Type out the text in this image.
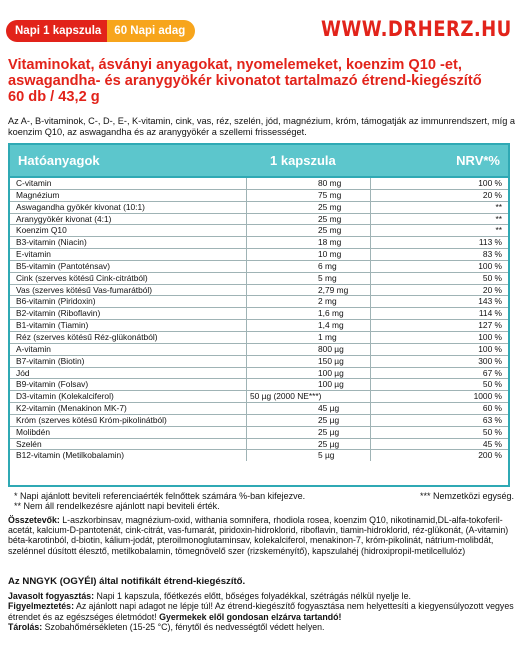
Napi 1 kapszula	60 Napi adag	WWW.DRHERZ.HU
Vitaminokat, ásványi anyagokat, nyomelemeket, koenzim Q10 -et, aswagandha- és aranygyökér kivonatot tartalmazó étrend-kiegészítő 60 db / 43,2 g
Az A-, B-vitaminok, C-, D-, E-, K-vitamin, cink, vas, réz, szelén, jód, magnézium, króm, támogatják az immunrendszert, míg a koenzim Q10, az aswagandha és az aranygyökér a szellemi frissességet.
Hatóanyagok	1 kapszula	NRV*%
C-vitamin	80 mg	100 %
Magnézium	75 mg	20 %
Aswagandha gyökér kivonat (10:1)	25 mg	**
Aranygyökér kivonat (4:1)	25 mg	**
Koenzim Q10	25 mg	**
B3-vitamin (Niacin)	18 mg	113 %
E-vitamin	10 mg	83 %
B5-vitamin (Pantoténsav)	6 mg	100 %
Cink (szerves kötésű Cink-citrátból)	5 mg	50 %
Vas (szerves kötésű Vas-fumarátból)	2,79 mg	20 %
B6-vitamin (Piridoxin)	2 mg	143 %
B2-vitamin (Riboflavin)	1,6 mg	114 %
B1-vitamin (Tiamin)	1,4 mg	127 %
Réz (szerves kötésű Réz-glükonátból)	1 mg	100 %
A-vitamin	800 µg	100 %
B7-vitamin (Biotin)	150 µg	300 %
Jód	100 µg	67 %
B9-vitamin (Folsav)	100 µg	50 %
D3-vitamin (Kolekalciferol)	50 µg (2000 NE***)	1000 %
K2-vitamin (Menakinon MK-7)	45 µg	60 %
Króm (szerves kötésű Króm-pikolinátból)	25 µg	63 %
Molibdén	25 µg	50 %
Szelén	25 µg	45 %
B12-vitamin (Metilkobalamin)	5 µg	200 %
* Napi ajánlott beviteli referenciaérték felnőttek számára %-ban kifejezve.	*** Nemzetközi egység.
** Nem áll rendelkezésre ajánlott napi beviteli érték.
Összetevők: L-aszkorbinsav, magnézium-oxid, withania somnifera, rhodiola rosea, koenzim Q10, nikotinamid,DL-alfa-tokoferil-acetát, kalcium-D-pantotenát, cink-citrát, vas-fumarát, piridoxin-hidroklorid, riboflavin, tiamin-hidroklorid, réz-glükonát, (A-vitamin) béta-karotinból, d-biotin, kálium-jodát, pteroilmonoglutaminsav, kolekalciferol, menakinon-7, króm-pikolinát, nátrium-molibdát, szelénnel dúsított élesztő, metilkobalamin, tömegnövelő szer (rizskeményítő), kapszulahéj (hidroxipropil-metilcellulóz)
Az NNGYK (OGYÉI) által notifikált étrend-kiegészítő.
Javasolt fogyasztás: Napi 1 kapszula, főétkezés előtt, bőséges folyadékkal, szétrágás nélkül nyelje le.
Figyelmeztetés: Az ajánlott napi adagot ne lépje túl! Az étrend-kiegészítő fogyasztása nem helyettesíti a kiegyensúlyozott vegyes étrendet és az egészséges életmódot! Gyermekek elől gondosan elzárva tartandó!
Tárolás: Szobahőmérsékleten (15-25 °C), fénytől és nedvességtől védett helyen.
